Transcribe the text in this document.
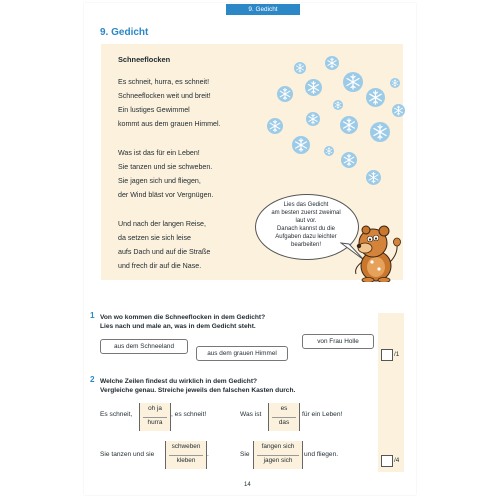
9. Gedicht
9. Gedicht
Schneeflocken
Es schneit, hurra, es schneit!
Schneeflocken weit und breit!
Ein lustiges Gewimmel
kommt aus dem grauen Himmel.
Was ist das für ein Leben!
Sie tanzen und sie schweben.
Sie jagen sich und fliegen,
der Wind bläst vor Vergnügen.
Und nach der langen Reise,
da setzen sie sich leise
aufs Dach und auf die Straße
und frech dir auf die Nase.
Lies das Gedicht
am besten zuerst zweimal
laut vor.
Danach kannst du die
Aufgaben dazu leichter
bearbeiten!
/1
/4
1 Von wo kommen die Schneeflocken in dem Gedicht?
Lies nach und male an, was in dem Gedicht steht.
aus dem Schneeland
aus dem grauen Himmel
von Frau Holle
2 Welche Zeilen findest du wirklich in dem Gedicht?
Vergleiche genau. Streiche jeweils den falschen Kasten durch.
Es schneit,
oh ja
hurra
, es schneit!	Was ist
es
das
für ein Leben!
Sie tanzen und sie
schweben
kleben
.	Sie
fangen sich
jagen sich
und fliegen.
14
